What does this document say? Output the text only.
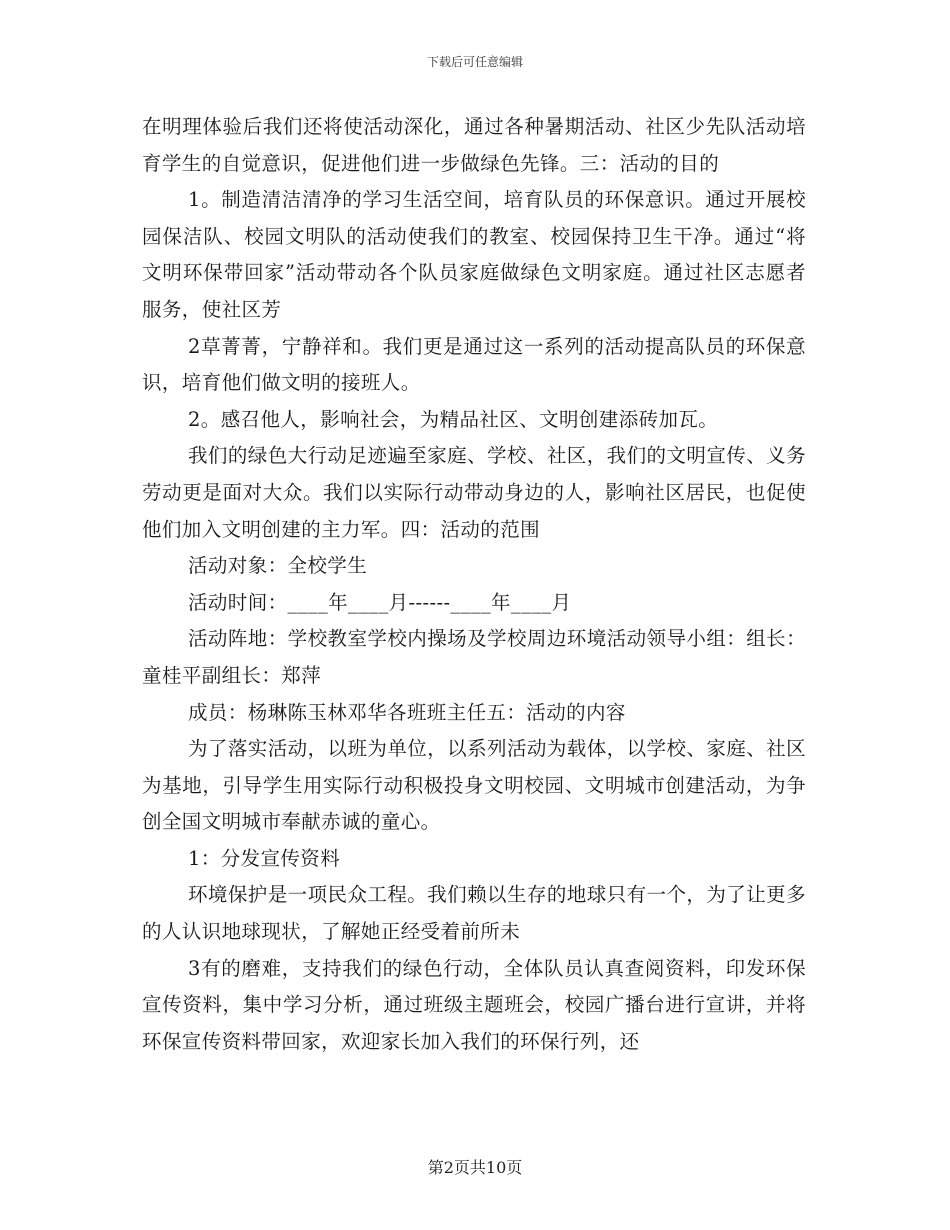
下载后可任意编辑

在明理体验后我们还将使活动深化，通过各种暑期活动、社区少先队活动培育学生的自觉意识，促进他们进一步做绿色先锋。三：活动的目的

1。制造清洁清净的学习生活空间，培育队员的环保意识。通过开展校园保洁队、校园文明队的活动使我们的教室、校园保持卫生干净。通过“将文明环保带回家”活动带动各个队员家庭做绿色文明家庭。通过社区志愿者服务，使社区芳

2草菁菁，宁静祥和。我们更是通过这一系列的活动提高队员的环保意识，培育他们做文明的接班人。

2。感召他人，影响社会，为精品社区、文明创建添砖加瓦。

我们的绿色大行动足迹遍至家庭、学校、社区，我们的文明宣传、义务劳动更是面对大众。我们以实际行动带动身边的人，影响社区居民，也促使他们加入文明创建的主力军。四：活动的范围

活动对象：全校学生

活动时间：____年____月------____年____月

活动阵地：学校教室学校内操场及学校周边环境活动领导小组：组长：童桂平副组长：郑萍

成员：杨琳陈玉林邓华各班班主任五：活动的内容

为了落实活动，以班为单位，以系列活动为载体，以学校、家庭、社区为基地，引导学生用实际行动积极投身文明校园、文明城市创建活动，为争创全国文明城市奉献赤诚的童心。

1：分发宣传资料

环境保护是一项民众工程。我们赖以生存的地球只有一个，为了让更多的人认识地球现状，了解她正经受着前所未

3有的磨难，支持我们的绿色行动，全体队员认真查阅资料，印发环保宣传资料，集中学习分析，通过班级主题班会，校园广播台进行宣讲，并将环保宣传资料带回家，欢迎家长加入我们的环保行列，还

第2页共10页
